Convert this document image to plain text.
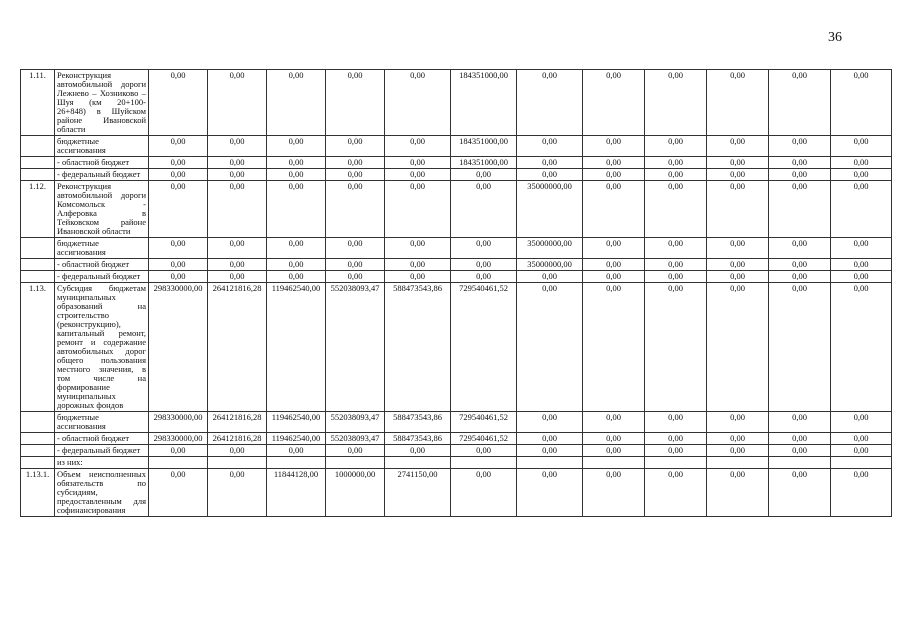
36
1.11.	Реконструкция автомобильной дороги Лежнево – Хозниково – Шуя (км 20+100-26+848) в Шуйском районе Ивановской области	0,00	0,00	0,00	0,00	0,00	184351000,00	0,00	0,00	0,00	0,00	0,00	0,00
	бюджетные ассигнования	0,00	0,00	0,00	0,00	0,00	184351000,00	0,00	0,00	0,00	0,00	0,00	0,00
	- областной бюджет	0,00	0,00	0,00	0,00	0,00	184351000,00	0,00	0,00	0,00	0,00	0,00	0,00
	- федеральный бюджет	0,00	0,00	0,00	0,00	0,00	0,00	0,00	0,00	0,00	0,00	0,00	0,00
1.12.	Реконструкция автомобильной дороги Комсомольск - Алферовка в Тейковском районе Ивановской области	0,00	0,00	0,00	0,00	0,00	0,00	35000000,00	0,00	0,00	0,00	0,00	0,00
	бюджетные ассигнования	0,00	0,00	0,00	0,00	0,00	0,00	35000000,00	0,00	0,00	0,00	0,00	0,00
	- областной бюджет	0,00	0,00	0,00	0,00	0,00	0,00	35000000,00	0,00	0,00	0,00	0,00	0,00
	- федеральный бюджет	0,00	0,00	0,00	0,00	0,00	0,00	0,00	0,00	0,00	0,00	0,00	0,00
1.13.	Субсидия бюджетам муниципальных образований на строительство (реконструкцию), капитальный ремонт, ремонт и содержание автомобильных дорог общего пользования местного значения, в том числе на формирование муниципальных дорожных фондов	298330000,00	264121816,28	119462540,00	552038093,47	588473543,86	729540461,52	0,00	0,00	0,00	0,00	0,00	0,00
	бюджетные ассигнования	298330000,00	264121816,28	119462540,00	552038093,47	588473543,86	729540461,52	0,00	0,00	0,00	0,00	0,00	0,00
	- областной бюджет	298330000,00	264121816,28	119462540,00	552038093,47	588473543,86	729540461,52	0,00	0,00	0,00	0,00	0,00	0,00
	- федеральный бюджет	0,00	0,00	0,00	0,00	0,00	0,00	0,00	0,00	0,00	0,00	0,00	0,00
	из них:												
1.13.1.	Объем неисполненных обязательств по субсидиям, предоставленным для софинансирования	0,00	0,00	11844128,00	1000000,00	2741150,00	0,00	0,00	0,00	0,00	0,00	0,00	0,00
